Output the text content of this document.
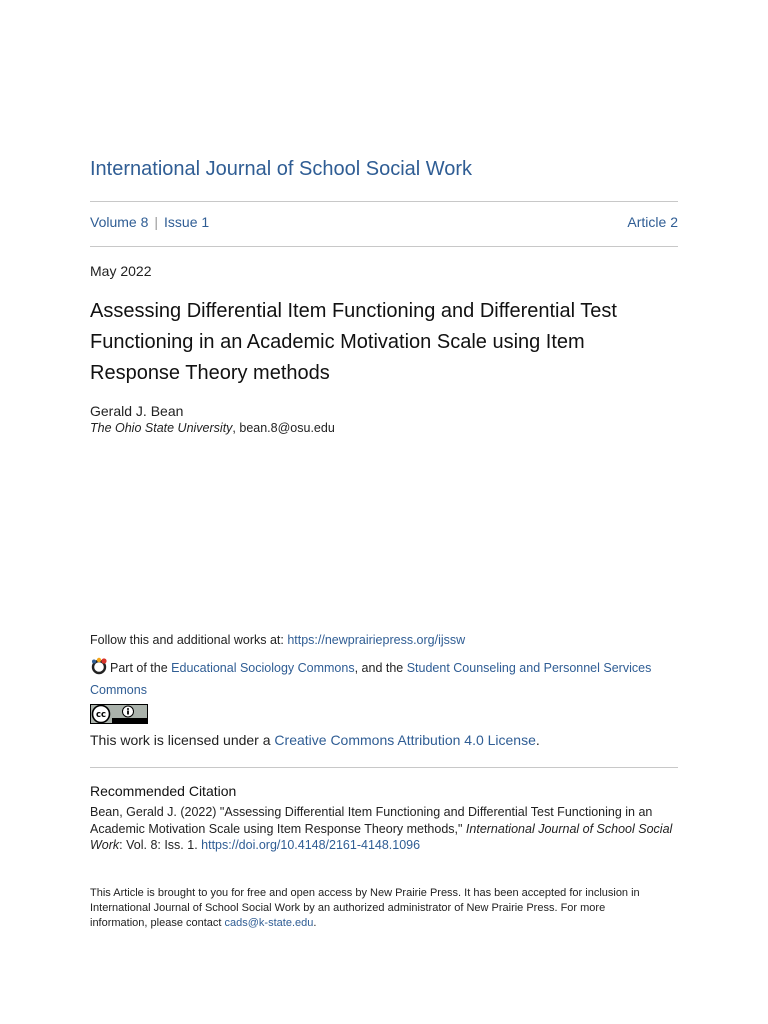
International Journal of School Social Work
Volume 8 | Issue 1	Article 2
May 2022
Assessing Differential Item Functioning and Differential Test Functioning in an Academic Motivation Scale using Item Response Theory methods
Gerald J. Bean
The Ohio State University, bean.8@osu.edu
Follow this and additional works at: https://newprairiepress.org/ijssw
Part of the Educational Sociology Commons, and the Student Counseling and Personnel Services Commons
cc
This work is licensed under a Creative Commons Attribution 4.0 License.
Recommended Citation
Bean, Gerald J. (2022) "Assessing Differential Item Functioning and Differential Test Functioning in an Academic Motivation Scale using Item Response Theory methods," International Journal of School Social Work: Vol. 8: Iss. 1. https://doi.org/10.4148/2161-4148.1096
This Article is brought to you for free and open access by New Prairie Press. It has been accepted for inclusion in International Journal of School Social Work by an authorized administrator of New Prairie Press. For more information, please contact cads@k-state.edu.
